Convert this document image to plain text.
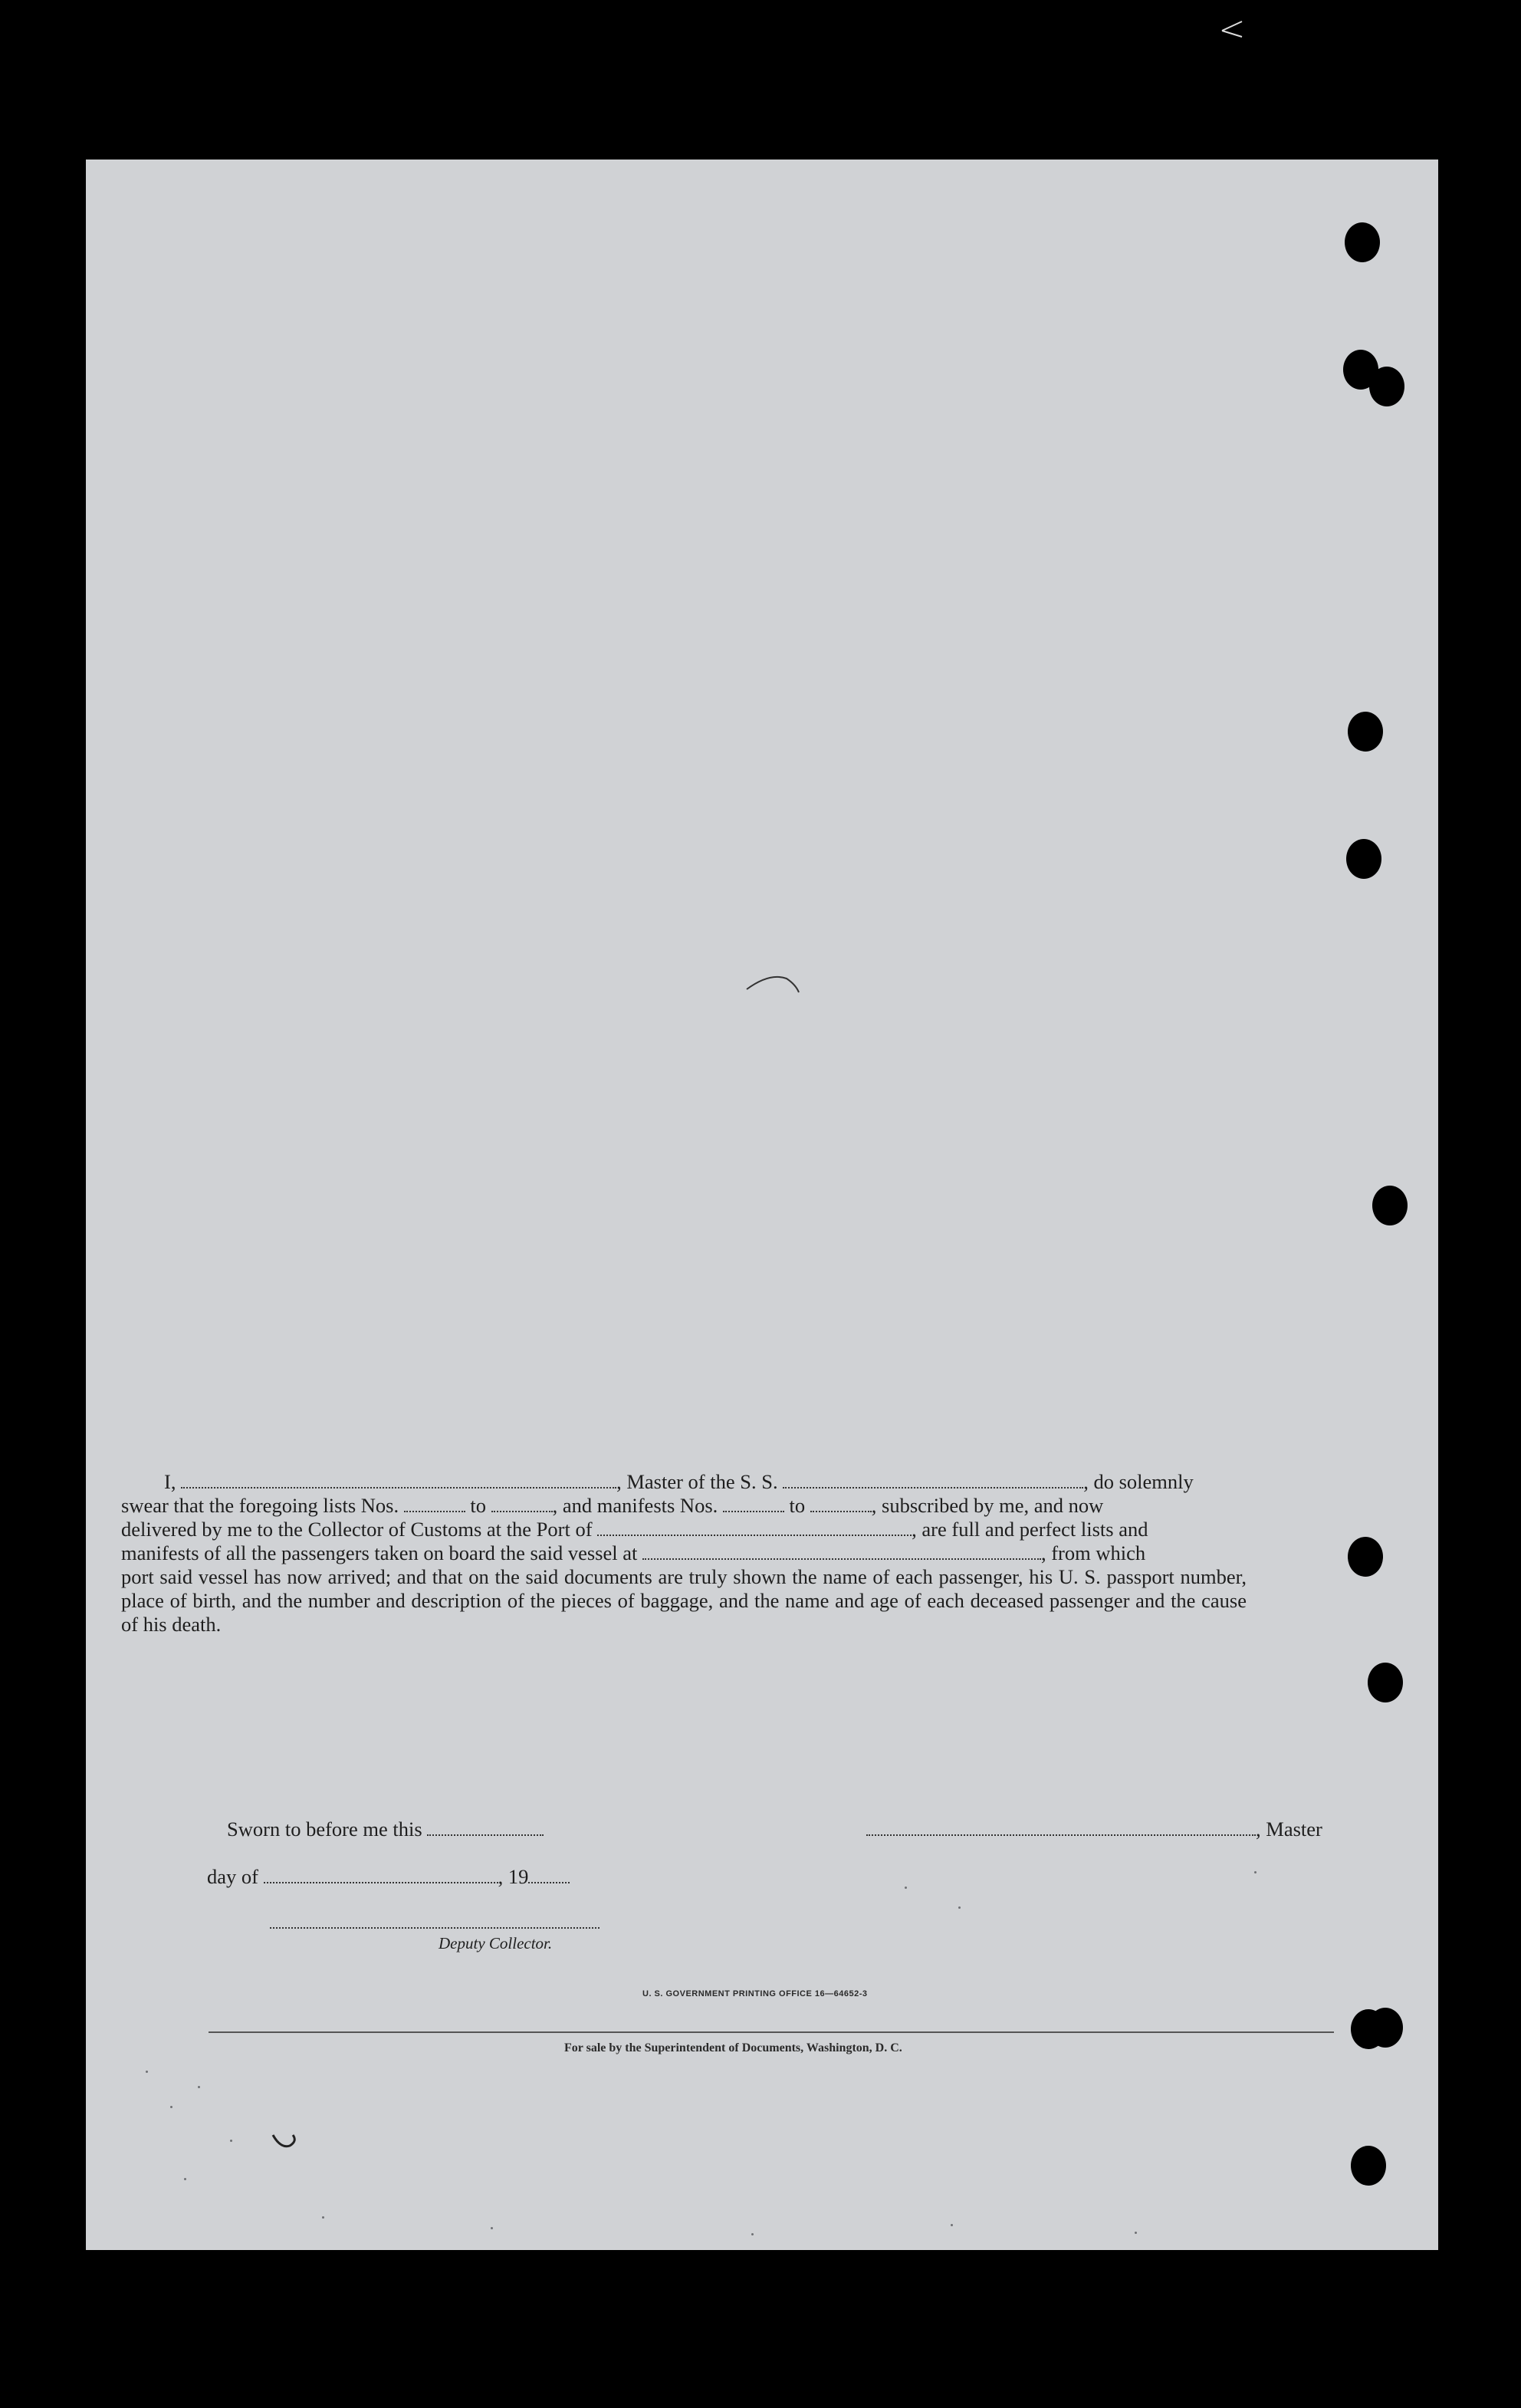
I,	, Master of the S. S.	, do solemnly

swear that the foregoing lists Nos.	to	, and manifests Nos.	to	, subscribed by me, and now
delivered by me to the Collector of Customs at the Port of	, are full and perfect lists and
manifests of all the passengers taken on board the said vessel at	, from which
port said vessel has now arrived; and that on the said documents are truly shown the name of each passenger, his U. S. passport number, place of birth, and the number and description of the pieces of baggage, and the name and age of each deceased passenger and the cause of his death.
Sworn to before me this	, Master
day of	, 19
Deputy Collector.
U. S. GOVERNMENT PRINTING OFFICE 16—64652-3
For sale by the Superintendent of Documents, Washington, D. C.
